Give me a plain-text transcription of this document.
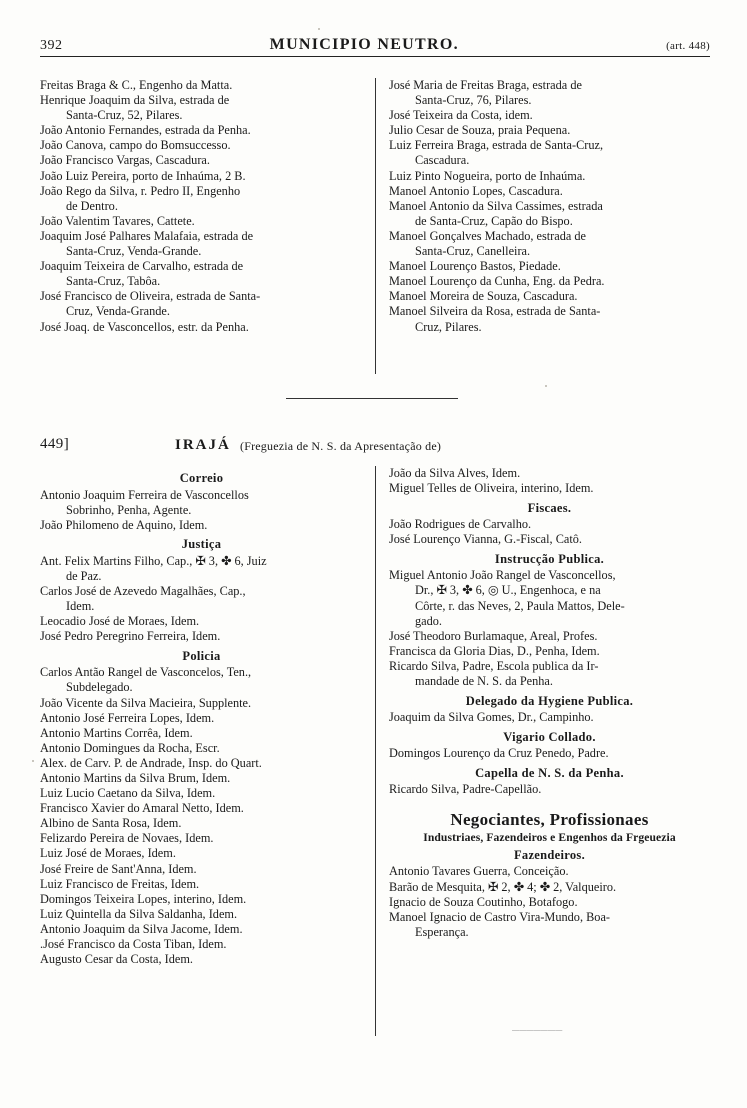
392	MUNICIPIO NEUTRO.	(art. 448)

Freitas Braga & C., Engenho da Matta.

Henrique Joaquim da Silva, estrada de

Santa-Cruz, 52, Pilares.

João Antonio Fernandes, estrada da Penha.

João Canova, campo do Bomsuccesso.

João Francisco Vargas, Cascadura.

João Luiz Pereira, porto de Inhaúma, 2 B.

João Rego da Silva, r. Pedro II, Engenho

de Dentro.

João Valentim Tavares, Cattete.

Joaquim José Palhares Malafaia, estrada de

Santa-Cruz, Venda-Grande.

Joaquim Teixeira de Carvalho, estrada de

Santa-Cruz, Tabôa.

José Francisco de Oliveira, estrada de Santa-

Cruz, Venda-Grande.

José Joaq. de Vasconcellos, estr. da Penha.

José Maria de Freitas Braga, estrada de

Santa-Cruz, 76, Pilares.

José Teixeira da Costa, idem.

Julio Cesar de Souza, praia Pequena.

Luiz Ferreira Braga, estrada de Santa-Cruz,

Cascadura.

Luiz Pinto Nogueira, porto de Inhaúma.

Manoel Antonio Lopes, Cascadura.

Manoel Antonio da Silva Cassimes, estrada

de Santa-Cruz, Capão do Bispo.

Manoel Gonçalves Machado, estrada de

Santa-Cruz, Canelleira.

Manoel Lourenço Bastos, Piedade.

Manoel Lourenço da Cunha, Eng. da Pedra.

Manoel Moreira de Souza, Cascadura.

Manoel Silveira da Rosa, estrada de Santa-

Cruz, Pilares.

449]	IRAJÁ (Freguezia de N. S. da Apresentação de)
Correio

Antonio Joaquim Ferreira de Vasconcellos

Sobrinho, Penha, Agente.

João Philomeno de Aquino, Idem.

Justiça

Ant. Felix Martins Filho, Cap., ✠ 3, ✤ 6, Juiz

de Paz.

Carlos José de Azevedo Magalhães, Cap.,

Idem.

Leocadio José de Moraes, Idem.

José Pedro Peregrino Ferreira, Idem.

Policia

Carlos Antão Rangel de Vasconcelos, Ten.,

Subdelegado.

João Vicente da Silva Macieira, Supplente.

Antonio José Ferreira Lopes, Idem.

Antonio Martins Corrêa, Idem.

Antonio Domingues da Rocha, Escr.

Alex. de Carv. P. de Andrade, Insp. do Quart.

Antonio Martins da Silva Brum, Idem.

Luiz Lucio Caetano da Silva, Idem.

Francisco Xavier do Amaral Netto, Idem.

Albino de Santa Rosa, Idem.

Felizardo Pereira de Novaes, Idem.

Luiz José de Moraes, Idem.

José Freire de Sant'Anna, Idem.

Luiz Francisco de Freitas, Idem.

Domingos Teixeira Lopes, interino, Idem.

Luiz Quintella da Silva Saldanha, Idem.

Antonio Joaquim da Silva Jacome, Idem.

.José Francisco da Costa Tiban, Idem.

Augusto Cesar da Costa, Idem.

João da Silva Alves, Idem.

Miguel Telles de Oliveira, interino, Idem.

Fiscaes.

João Rodrigues de Carvalho.

José Lourenço Vianna, G.-Fiscal, Catô.

Instrucção Publica.

Miguel Antonio João Rangel de Vasconcellos,

Dr., ✠ 3, ✤ 6, ◎ U., Engenhoca, e na

Côrte, r. das Neves, 2, Paula Mattos, Dele-

gado.

José Theodoro Burlamaque, Areal, Profes.

Francisca da Gloria Dias, D., Penha, Idem.

Ricardo Silva, Padre, Escola publica da Ir-

mandade de N. S. da Penha.

Delegado da Hygiene Publica.

Joaquim da Silva Gomes, Dr., Campinho.

Vigario Collado.

Domingos Lourenço da Cruz Penedo, Padre.

Capella de N. S. da Penha.

Ricardo Silva, Padre-Capellão.

Negociantes, Profissionaes
Industriaes, Fazendeiros e Engenhos da Frgeuezia
Fazendeiros.

Antonio Tavares Guerra, Conceição.

Barão de Mesquita, ✠ 2, ✤ 4; ✤ 2, Valqueiro.

Ignacio de Souza Coutinho, Botafogo.

Manoel Ignacio de Castro Vira-Mundo, Boa-

Esperança.

———————
